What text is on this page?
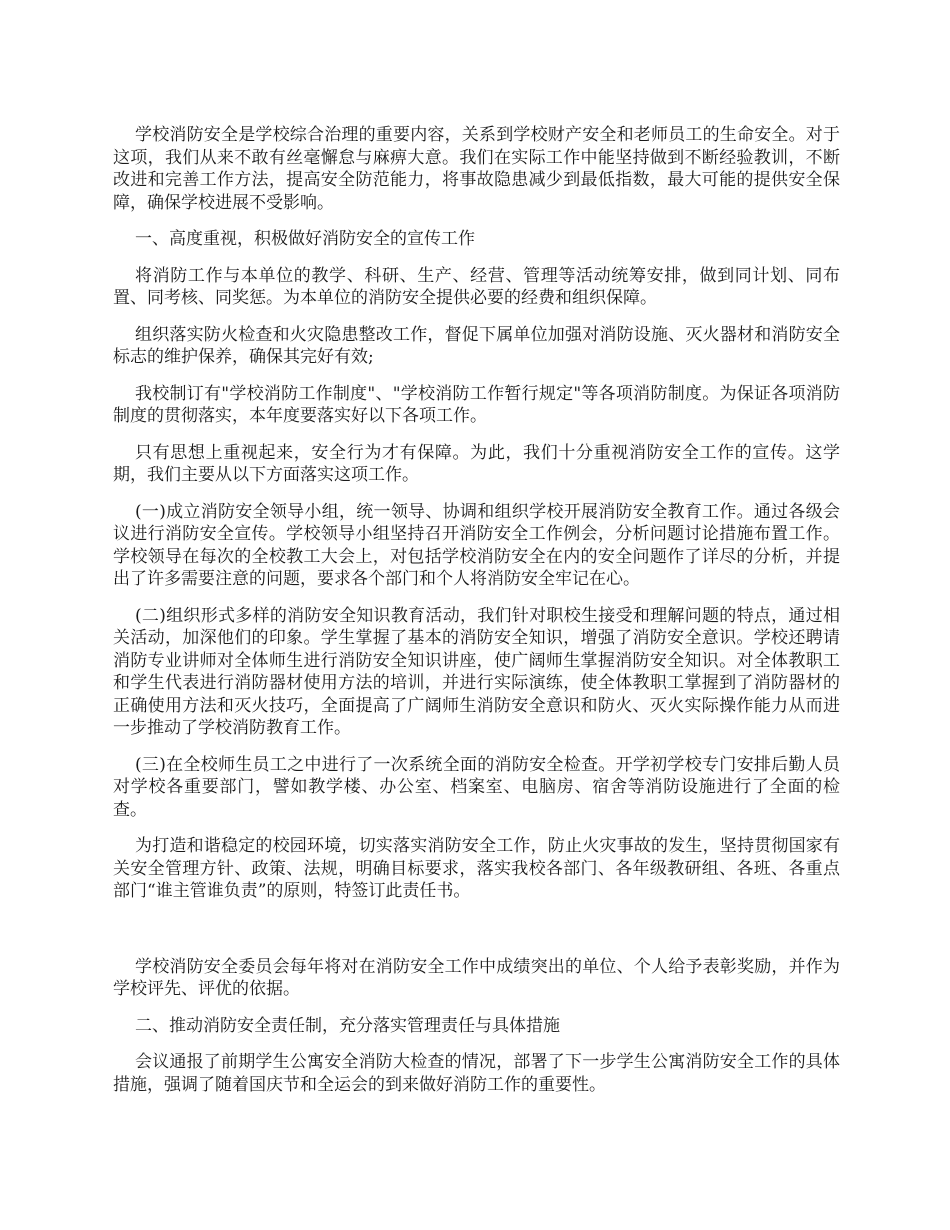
学校消防安全是学校综合治理的重要内容，关系到学校财产安全和老师员工的生命安全。对于这项，我们从来不敢有丝毫懈怠与麻痹大意。我们在实际工作中能坚持做到不断经验教训，不断改进和完善工作方法，提高安全防范能力，将事故隐患减少到最低指数，最大可能的提供安全保障，确保学校进展不受影响。

一、高度重视，积极做好消防安全的宣传工作

将消防工作与本单位的教学、科研、生产、经营、管理等活动统筹安排，做到同计划、同布置、同考核、同奖惩。为本单位的消防安全提供必要的经费和组织保障。

组织落实防火检查和火灾隐患整改工作，督促下属单位加强对消防设施、灭火器材和消防安全标志的维护保养，确保其完好有效;

我校制订有"学校消防工作制度"、"学校消防工作暂行规定"等各项消防制度。为保证各项消防制度的贯彻落实，本年度要落实好以下各项工作。

只有思想上重视起来，安全行为才有保障。为此，我们十分重视消防安全工作的宣传。这学期，我们主要从以下方面落实这项工作。

(一)成立消防安全领导小组，统一领导、协调和组织学校开展消防安全教育工作。通过各级会议进行消防安全宣传。学校领导小组坚持召开消防安全工作例会，分析问题讨论措施布置工作。学校领导在每次的全校教工大会上，对包括学校消防安全在内的安全问题作了详尽的分析，并提出了许多需要注意的问题，要求各个部门和个人将消防安全牢记在心。

(二)组织形式多样的消防安全知识教育活动，我们针对职校生接受和理解问题的特点，通过相关活动，加深他们的印象。学生掌握了基本的消防安全知识，增强了消防安全意识。学校还聘请消防专业讲师对全体师生进行消防安全知识讲座，使广阔师生掌握消防安全知识。对全体教职工和学生代表进行消防器材使用方法的培训，并进行实际演练，使全体教职工掌握到了消防器材的正确使用方法和灭火技巧，全面提高了广阔师生消防安全意识和防火、灭火实际操作能力从而进一步推动了学校消防教育工作。

(三)在全校师生员工之中进行了一次系统全面的消防安全检查。开学初学校专门安排后勤人员对学校各重要部门，譬如教学楼、办公室、档案室、电脑房、宿舍等消防设施进行了全面的检查。

为打造和谐稳定的校园环境，切实落实消防安全工作，防止火灾事故的发生，坚持贯彻国家有关安全管理方针、政策、法规，明确目标要求，落实我校各部门、各年级教研组、各班、各重点部门“谁主管谁负责”的原则，特签订此责任书。

学校消防安全委员会每年将对在消防安全工作中成绩突出的单位、个人给予表彰奖励，并作为学校评先、评优的依据。

二、推动消防安全责任制，充分落实管理责任与具体措施

会议通报了前期学生公寓安全消防大检查的情况，部署了下一步学生公寓消防安全工作的具体措施，强调了随着国庆节和全运会的到来做好消防工作的重要性。
